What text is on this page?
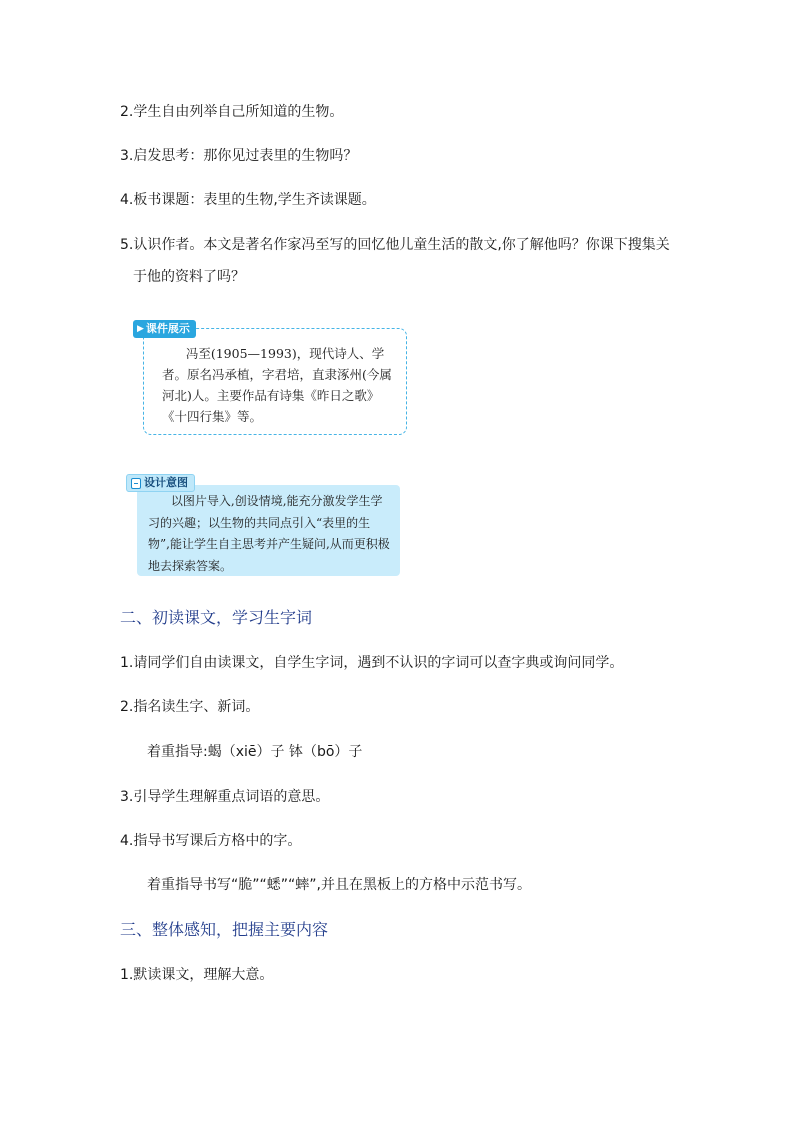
2.学生自由列举自己所知道的生物。
3.启发思考：那你见过表里的生物吗？
4.板书课题：表里的生物,学生齐读课题。
5.认识作者。本文是著名作家冯至写的回忆他儿童生活的散文,你了解他吗？你课下搜集关
于他的资料了吗？
▶ 课件展示
冯至(1905—1993)，现代诗人、学者。原名冯承植，字君培，直隶涿州(今属河北)人。主要作品有诗集《昨日之歌》《十四行集》等。
设计意图
以图片导入,创设情境,能充分激发学生学习的兴趣；以生物的共同点引入“表里的生物”,能让学生自主思考并产生疑问,从而更积极地去探索答案。
二、初读课文，学习生字词
1.请同学们自由读课文，自学生字词，遇到不认识的字词可以查字典或询问同学。
2.指名读生字、新词。
着重指导:蝎（xiē）子 钵（bō）子
3.引导学生理解重点词语的意思。
4.指导书写课后方格中的字。
着重指导书写“脆”“蟋”“蟀”,并且在黑板上的方格中示范书写。
三、整体感知，把握主要内容
1.默读课文，理解大意。
